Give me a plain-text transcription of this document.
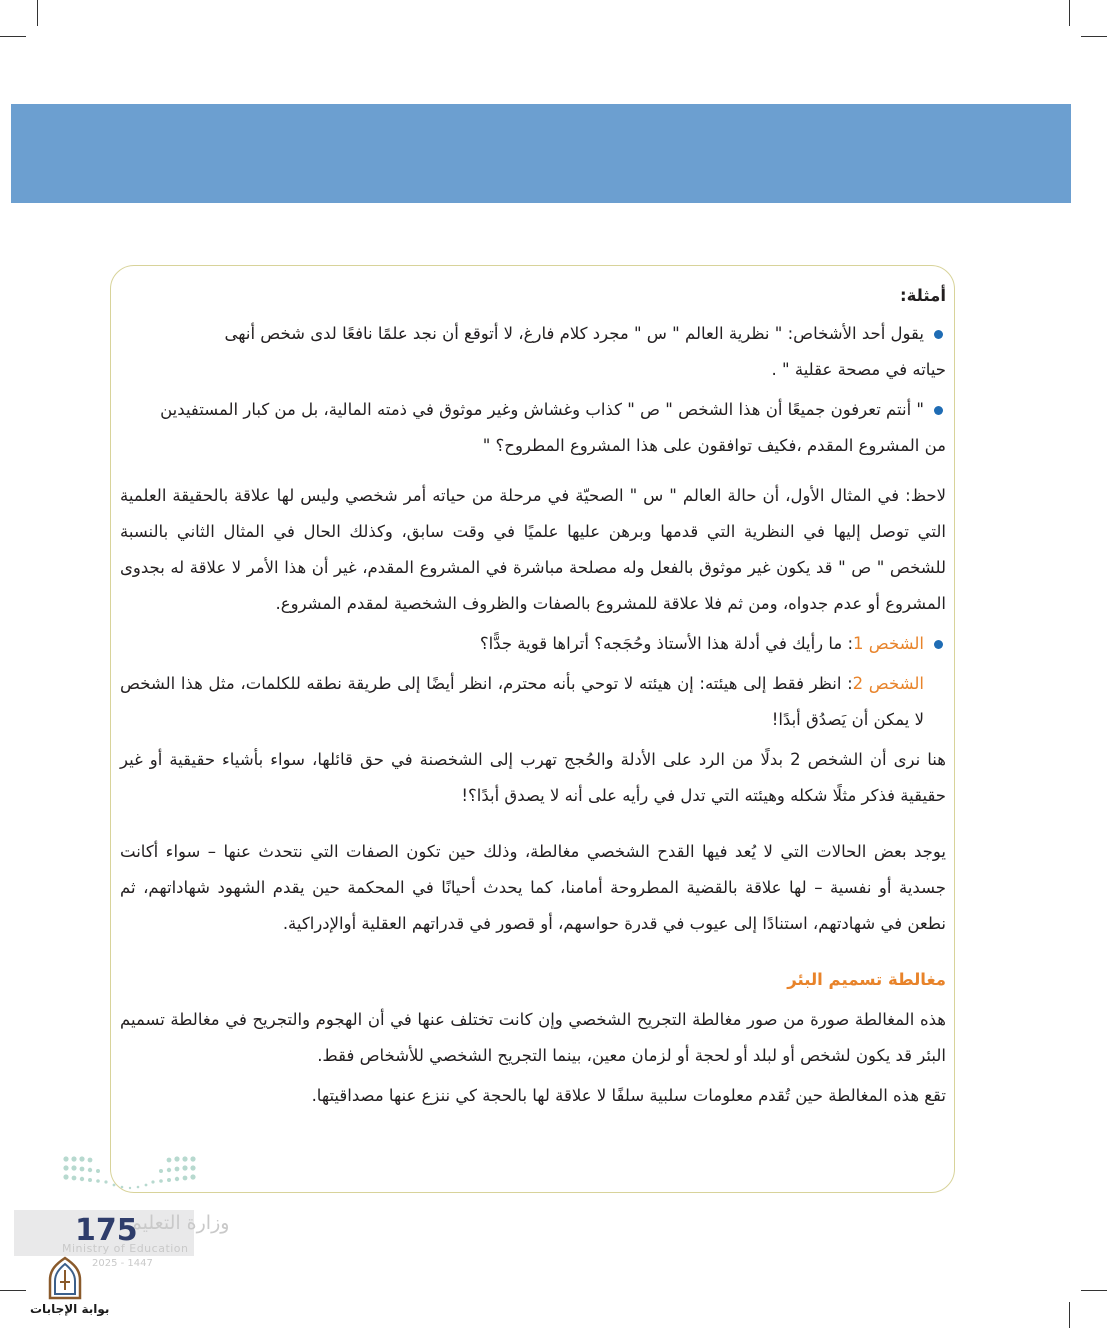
أمثلة:

يقول أحد الأشخاص: " نظرية العالم " س " مجرد كلام فارغ، لا أتوقع أن نجد علمًا نافعًا لدى شخص أنهى

حياته في مصحة عقلية " .

" أنتم تعرفون جميعًا أن هذا الشخص " ص " كذاب وغشاش وغير موثوق في ذمته المالية، بل من كبار المستفيدين

من المشروع المقدم ،فكيف توافقون على هذا المشروع المطروح؟ "

لاحظ: في المثال الأول، أن حالة العالم " س " الصحيّة في مرحلة من حياته أمر شخصي وليس لها علاقة بالحقيقة العلمية التي توصل إليها في النظرية التي قدمها وبرهن عليها علميًا في وقت سابق، وكذلك الحال في المثال الثاني بالنسبة للشخص " ص " قد يكون غير موثوق بالفعل وله مصلحة مباشرة في المشروع المقدم، غير أن هذا الأمر لا علاقة له بجدوى المشروع أو عدم جدواه، ومن ثم فلا علاقة للمشروع بالصفات والظروف الشخصية لمقدم المشروع.

الشخص 1: ما رأيك في أدلة هذا الأستاذ وحُجَجه؟ أتراها قوية جدًّا؟

الشخص 2: انظر فقط إلى هيئته: إن هيئته لا توحي بأنه محترم، انظر أيضًا إلى طريقة نطقه للكلمات، مثل هذا الشخص لا يمكن أن يَصدُق أبدًا!

هنا نرى أن الشخص 2 بدلًا من الرد على الأدلة والحُجج تهرب إلى الشخصنة في حق قائلها، سواء بأشياء حقيقية أو غير حقيقية فذكر مثلًا شكله وهيئته التي تدل في رأيه على أنه لا يصدق أبدًا؟!

يوجد بعض الحالات التي لا يُعد فيها القدح الشخصي مغالطة، وذلك حين تكون الصفات التي نتحدث عنها – سواء أكانت جسدية أو نفسية – لها علاقة بالقضية المطروحة أمامنا، كما يحدث أحيانًا في المحكمة حين يقدم الشهود شهاداتهم، ثم نطعن في شهادتهم، استنادًا إلى عيوب في قدرة حواسهم، أو قصور في قدراتهم العقلية أوالإدراكية.

مغالطة تسميم البئر

هذه المغالطة صورة من صور مغالطة التجريح الشخصي وإن كانت تختلف عنها في أن الهجوم والتجريح في مغالطة تسميم البئر قد يكون لشخص أو لبلد أو لحجة أو لزمان معين، بينما التجريح الشخصي للأشخاص فقط.

تقع هذه المغالطة حين تُقدم معلومات سلبية سلفًا لا علاقة لها بالحجة كي ننزع عنها مصداقيتها.

وزارة التعليم
175
Ministry of Education
2025 - 1447
بوابة الإجابات
